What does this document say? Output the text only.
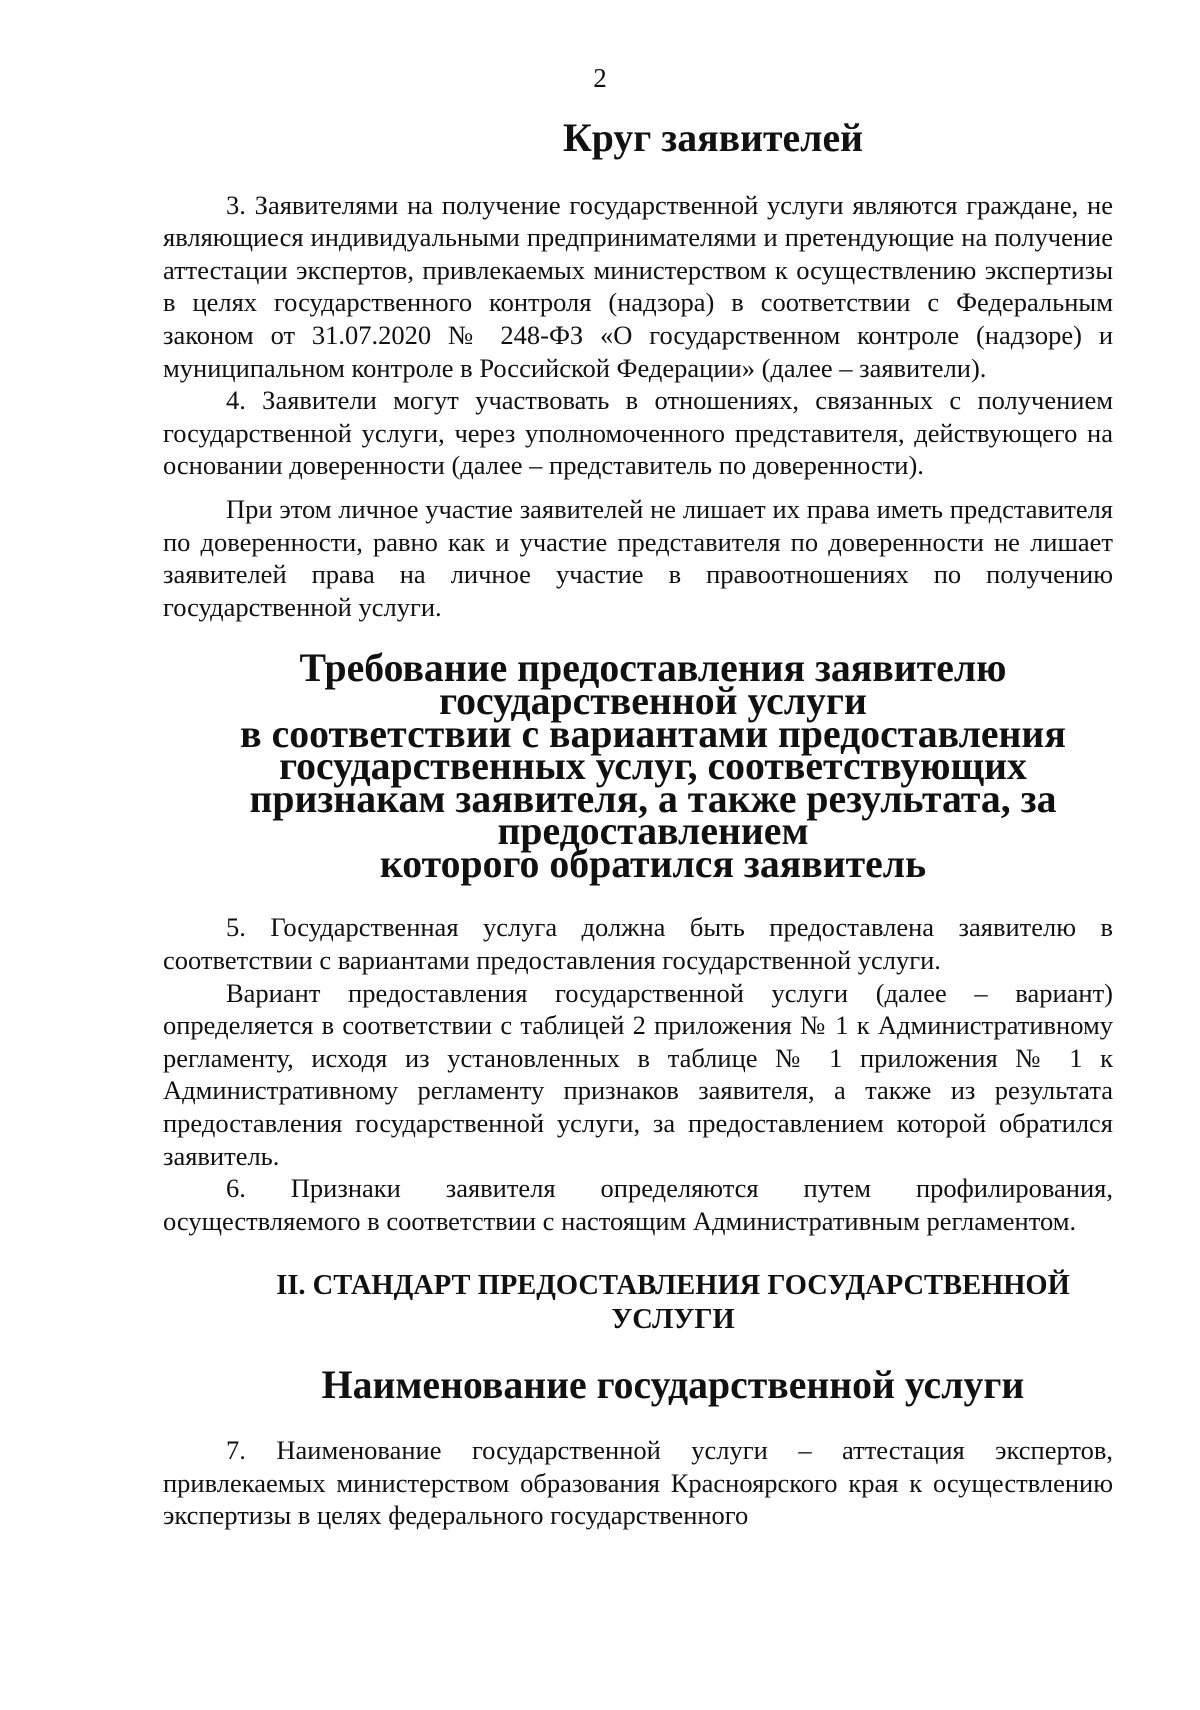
2
Круг заявителей

3. Заявителями на получение государственной услуги являются граждане, не являющиеся индивидуальными предпринимателями и претендующие на получение аттестации экспертов, привлекаемых министерством к осуществлению экспертизы в целях государственного контроля (надзора) в соответствии с Федеральным законом от 31.07.2020 № 248-ФЗ «О государственном контроле (надзоре) и муниципальном контроле в Российской Федерации» (далее – заявители).

4. Заявители могут участвовать в отношениях, связанных с получением государственной услуги, через уполномоченного представителя, действующего на основании доверенности (далее – представитель по доверенности).

При этом личное участие заявителей не лишает их права иметь представителя по доверенности, равно как и участие представителя по доверенности не лишает заявителей права на личное участие в правоотношениях по получению государственной услуги.

Требование предоставления заявителю государственной услуги
в соответствии с вариантами предоставления
государственных услуг, соответствующих
признакам заявителя, а также результата, за предоставлением
которого обратился заявитель

5. Государственная услуга должна быть предоставлена заявителю в соответствии с вариантами предоставления государственной услуги.

Вариант предоставления государственной услуги (далее – вариант) определяется в соответствии с таблицей 2 приложения № 1 к Административному регламенту, исходя из установленных в таблице № 1 приложения № 1 к Административному регламенту признаков заявителя, а также из результата предоставления государственной услуги, за предоставлением которой обратился заявитель.

6. Признаки заявителя определяются путем профилирования, осуществляемого в соответствии с настоящим Административным регламентом.

II. СТАНДАРТ ПРЕДОСТАВЛЕНИЯ ГОСУДАРСТВЕННОЙ
УСЛУГИ
Наименование государственной услуги

7. Наименование государственной услуги – аттестация экспертов, привлекаемых министерством образования Красноярского края к осуществлению экспертизы в целях федерального государственного
